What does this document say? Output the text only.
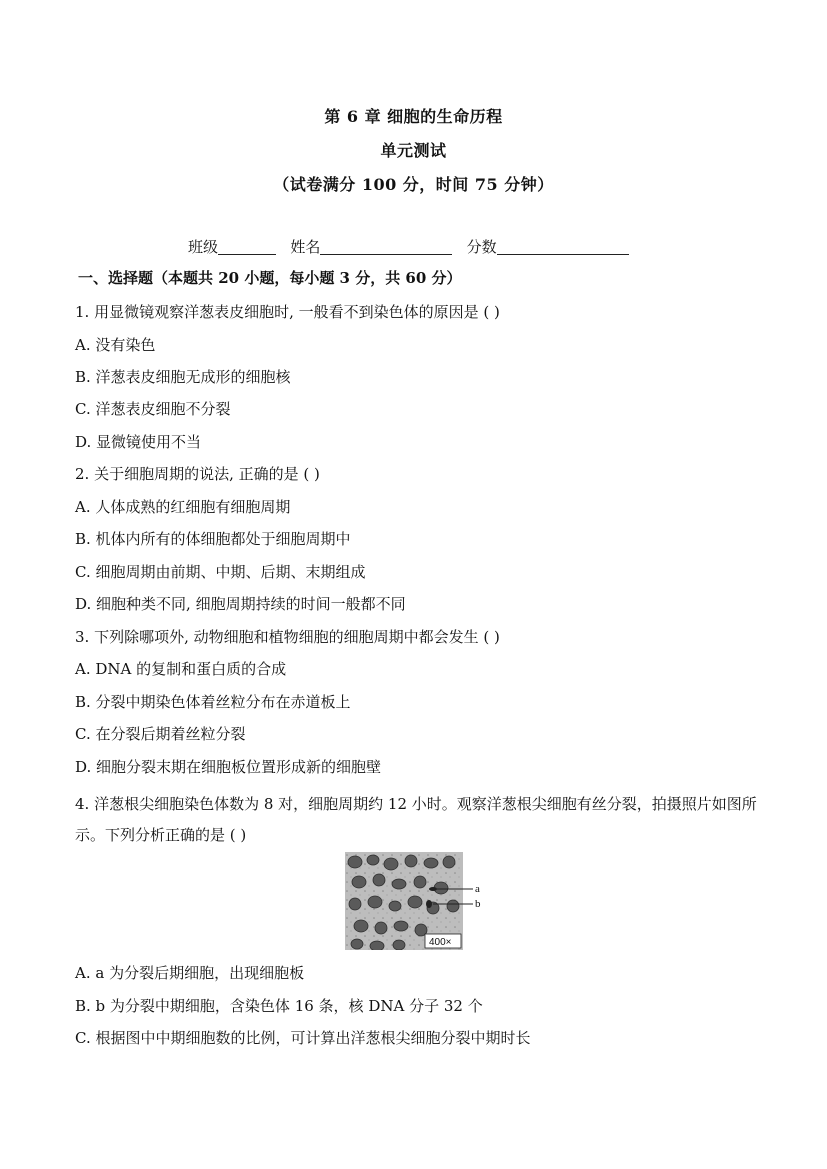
第 6 章 细胞的生命历程
单元测试
（试卷满分 100 分，时间 75 分钟）
班级	姓名	分数
一、选择题（本题共 20 小题，每小题 3 分，共 60 分）
1. 用显微镜观察洋葱表皮细胞时, 一般看不到染色体的原因是 ( )
A. 没有染色
B. 洋葱表皮细胞无成形的细胞核
C. 洋葱表皮细胞不分裂
D. 显微镜使用不当
2. 关于细胞周期的说法, 正确的是 ( )
A. 人体成熟的红细胞有细胞周期
B. 机体内所有的体细胞都处于细胞周期中
C. 细胞周期由前期、中期、后期、末期组成
D. 细胞种类不同, 细胞周期持续的时间一般都不同
3. 下列除哪项外, 动物细胞和植物细胞的细胞周期中都会发生 ( )
A. DNA 的复制和蛋白质的合成
B. 分裂中期染色体着丝粒分布在赤道板上
C. 在分裂后期着丝粒分裂
D. 细胞分裂末期在细胞板位置形成新的细胞壁
4. 洋葱根尖细胞染色体数为 8 对，细胞周期约 12 小时。观察洋葱根尖细胞有丝分裂，拍摄照片如图所示。下列分析正确的是 ( )
a
b
400×
A. a 为分裂后期细胞，出现细胞板
B. b 为分裂中期细胞，含染色体 16 条，核 DNA 分子 32 个
C. 根据图中中期细胞数的比例，可计算出洋葱根尖细胞分裂中期时长
